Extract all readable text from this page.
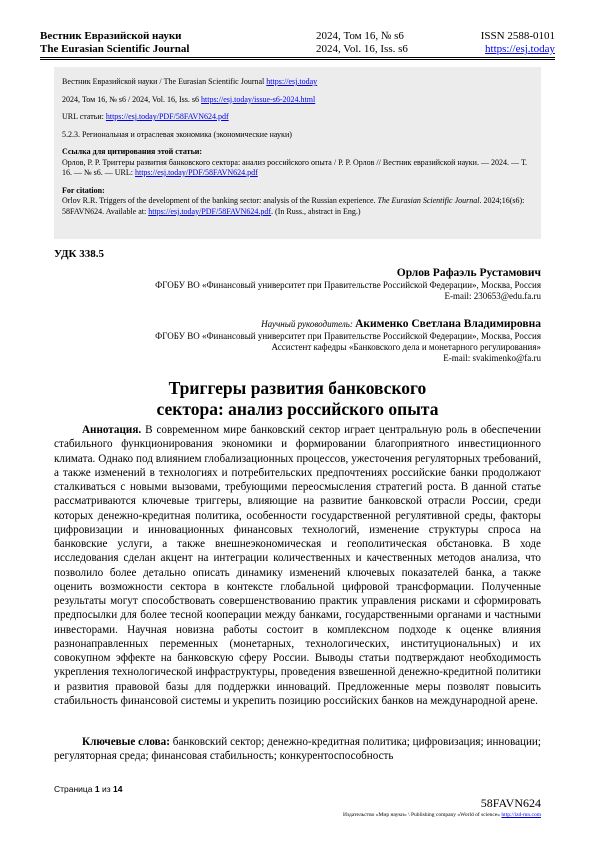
Вестник Евразийской науки
The Eurasian Scientific Journal
2024, Том 16, № s6
2024, Vol. 16, Iss. s6
ISSN 2588-0101
https://esj.today

Вестник Евразийской науки / The Eurasian Scientific Journal https://esj.today

2024, Том 16, № s6 / 2024, Vol. 16, Iss. s6 https://esj.today/issue-s6-2024.html

URL статьи: https://esj.today/PDF/58FAVN624.pdf

5.2.3. Региональная и отраслевая экономика (экономические науки)

Ссылка для цитирования этой статьи:

Орлов, Р. Р. Триггеры развития банковского сектора: анализ российского опыта / Р. Р. Орлов // Вестник евразийской науки. — 2024. — Т. 16. — № s6. — URL: https://esj.today/PDF/58FAVN624.pdf

For citation:

Orlov R.R. Triggers of the development of the banking sector: analysis of the Russian experience. The Eurasian Scientific Journal. 2024;16(s6): 58FAVN624. Available at: https://esj.today/PDF/58FAVN624.pdf. (In Russ., abstract in Eng.)

УДК 338.5
Орлов Рафаэль Рустамович
ФГОБУ ВО «Финансовый университет при Правительстве Российской Федерации», Москва, Россия
E-mail: 230653@edu.fa.ru
Научный руководитель: Акименко Светлана Владимировна
ФГОБУ ВО «Финансовый университет при Правительстве Российской Федерации», Москва, Россия
Ассистент кафедры «Банковского дела и монетарного регулирования»
E-mail: svakimenko@fa.ru
Триггеры развития банковского
сектора: анализ российского опыта
Аннотация. В современном мире банковский сектор играет центральную роль в обеспечении стабильного функционирования экономики и формировании благоприятного инвестиционного климата. Однако под влиянием глобализационных процессов, ужесточения регуляторных требований, а также изменений в технологиях и потребительских предпочтениях российские банки продолжают сталкиваться с новыми вызовами, требующими переосмысления стратегий роста. В данной статье рассматриваются ключевые триггеры, влияющие на развитие банковской отрасли России, среди которых денежно-кредитная политика, особенности государственной регулятивной среды, факторы цифровизации и инновационных финансовых технологий, изменение структуры спроса на банковские услуги, а также внешнеэкономическая и геополитическая обстановка. В ходе исследования сделан акцент на интеграции количественных и качественных методов анализа, что позволило более детально описать динамику изменений ключевых показателей банка, а также оценить возможности сектора в контексте глобальной цифровой трансформации. Полученные результаты могут способствовать совершенствованию практик управления рисками и сформировать предпосылки для более тесной кооперации между банками, государственными органами и частными инвесторами. Научная новизна работы состоит в комплексном подходе к оценке влияния разнонаправленных переменных (монетарных, технологических, институциональных) и их совокупном эффекте на банковскую сферу России. Выводы статьи подтверждают необходимость укрепления технологической инфраструктуры, проведения взвешенной денежно-кредитной политики и развития правовой базы для поддержки инноваций. Предложенные меры позволят повысить стабильность финансовой системы и укрепить позицию российских банков на международной арене.
Ключевые слова: банковский сектор; денежно-кредитная политика; цифровизация; инновации; регуляторная среда; финансовая стабильность; конкурентоспособность
Страница 1 из 14
58FAVN624
Издательство «Мир науки» \ Publishing company «World of science» http://izd-mn.com
